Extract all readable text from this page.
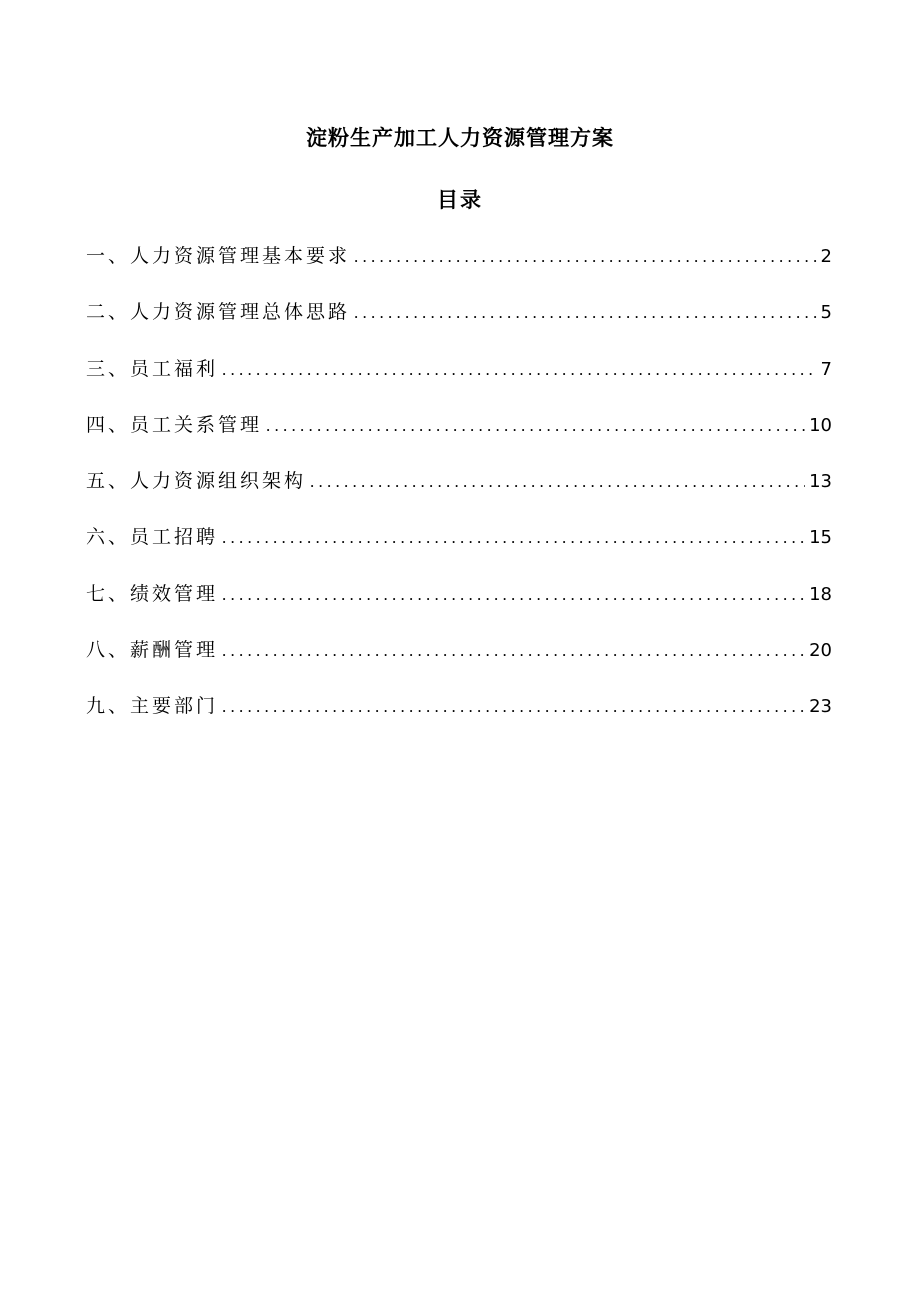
淀粉生产加工人力资源管理方案
目录
一、人力资源管理基本要求 . . .	2
二、人力资源管理总体思路 . . .	5
三、员工福利 . . .	7
四、员工关系管理 . . .	10
五、人力资源组织架构 . . .	13
六、员工招聘 . . .	15
七、绩效管理 . . .	18
八、薪酬管理 . . .	20
九、主要部门 . . .	23
